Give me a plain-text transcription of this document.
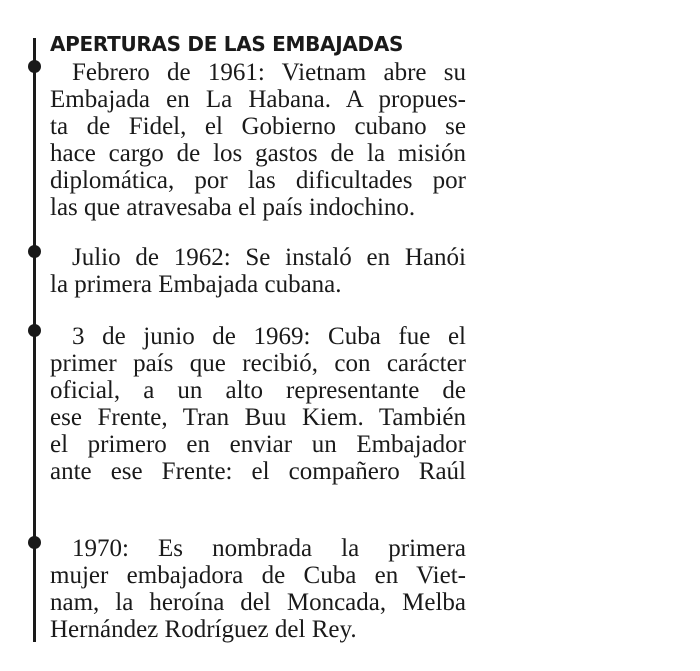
APERTURAS DE LAS EMBAJADAS

Febrero de 1961: Vietnam abre su
Embajada en La Habana. A propues-
ta de Fidel, el Gobierno cubano se
hace cargo de los gastos de la misión
diplomática, por las dificultades por
las que atravesaba el país indochino.

Julio de 1962: Se instaló en Hanói
la primera Embajada cubana.

3 de junio de 1969: Cuba fue el
primer país que recibió, con carácter
oficial, a un alto representante de
ese Frente, Tran Buu Kiem. También
el primero en enviar un Embajador
ante ese Frente: el compañero Raúl

1970: Es nombrada la primera
mujer embajadora de Cuba en Viet-
nam, la heroína del Moncada, Melba
Hernández Rodríguez del Rey.
